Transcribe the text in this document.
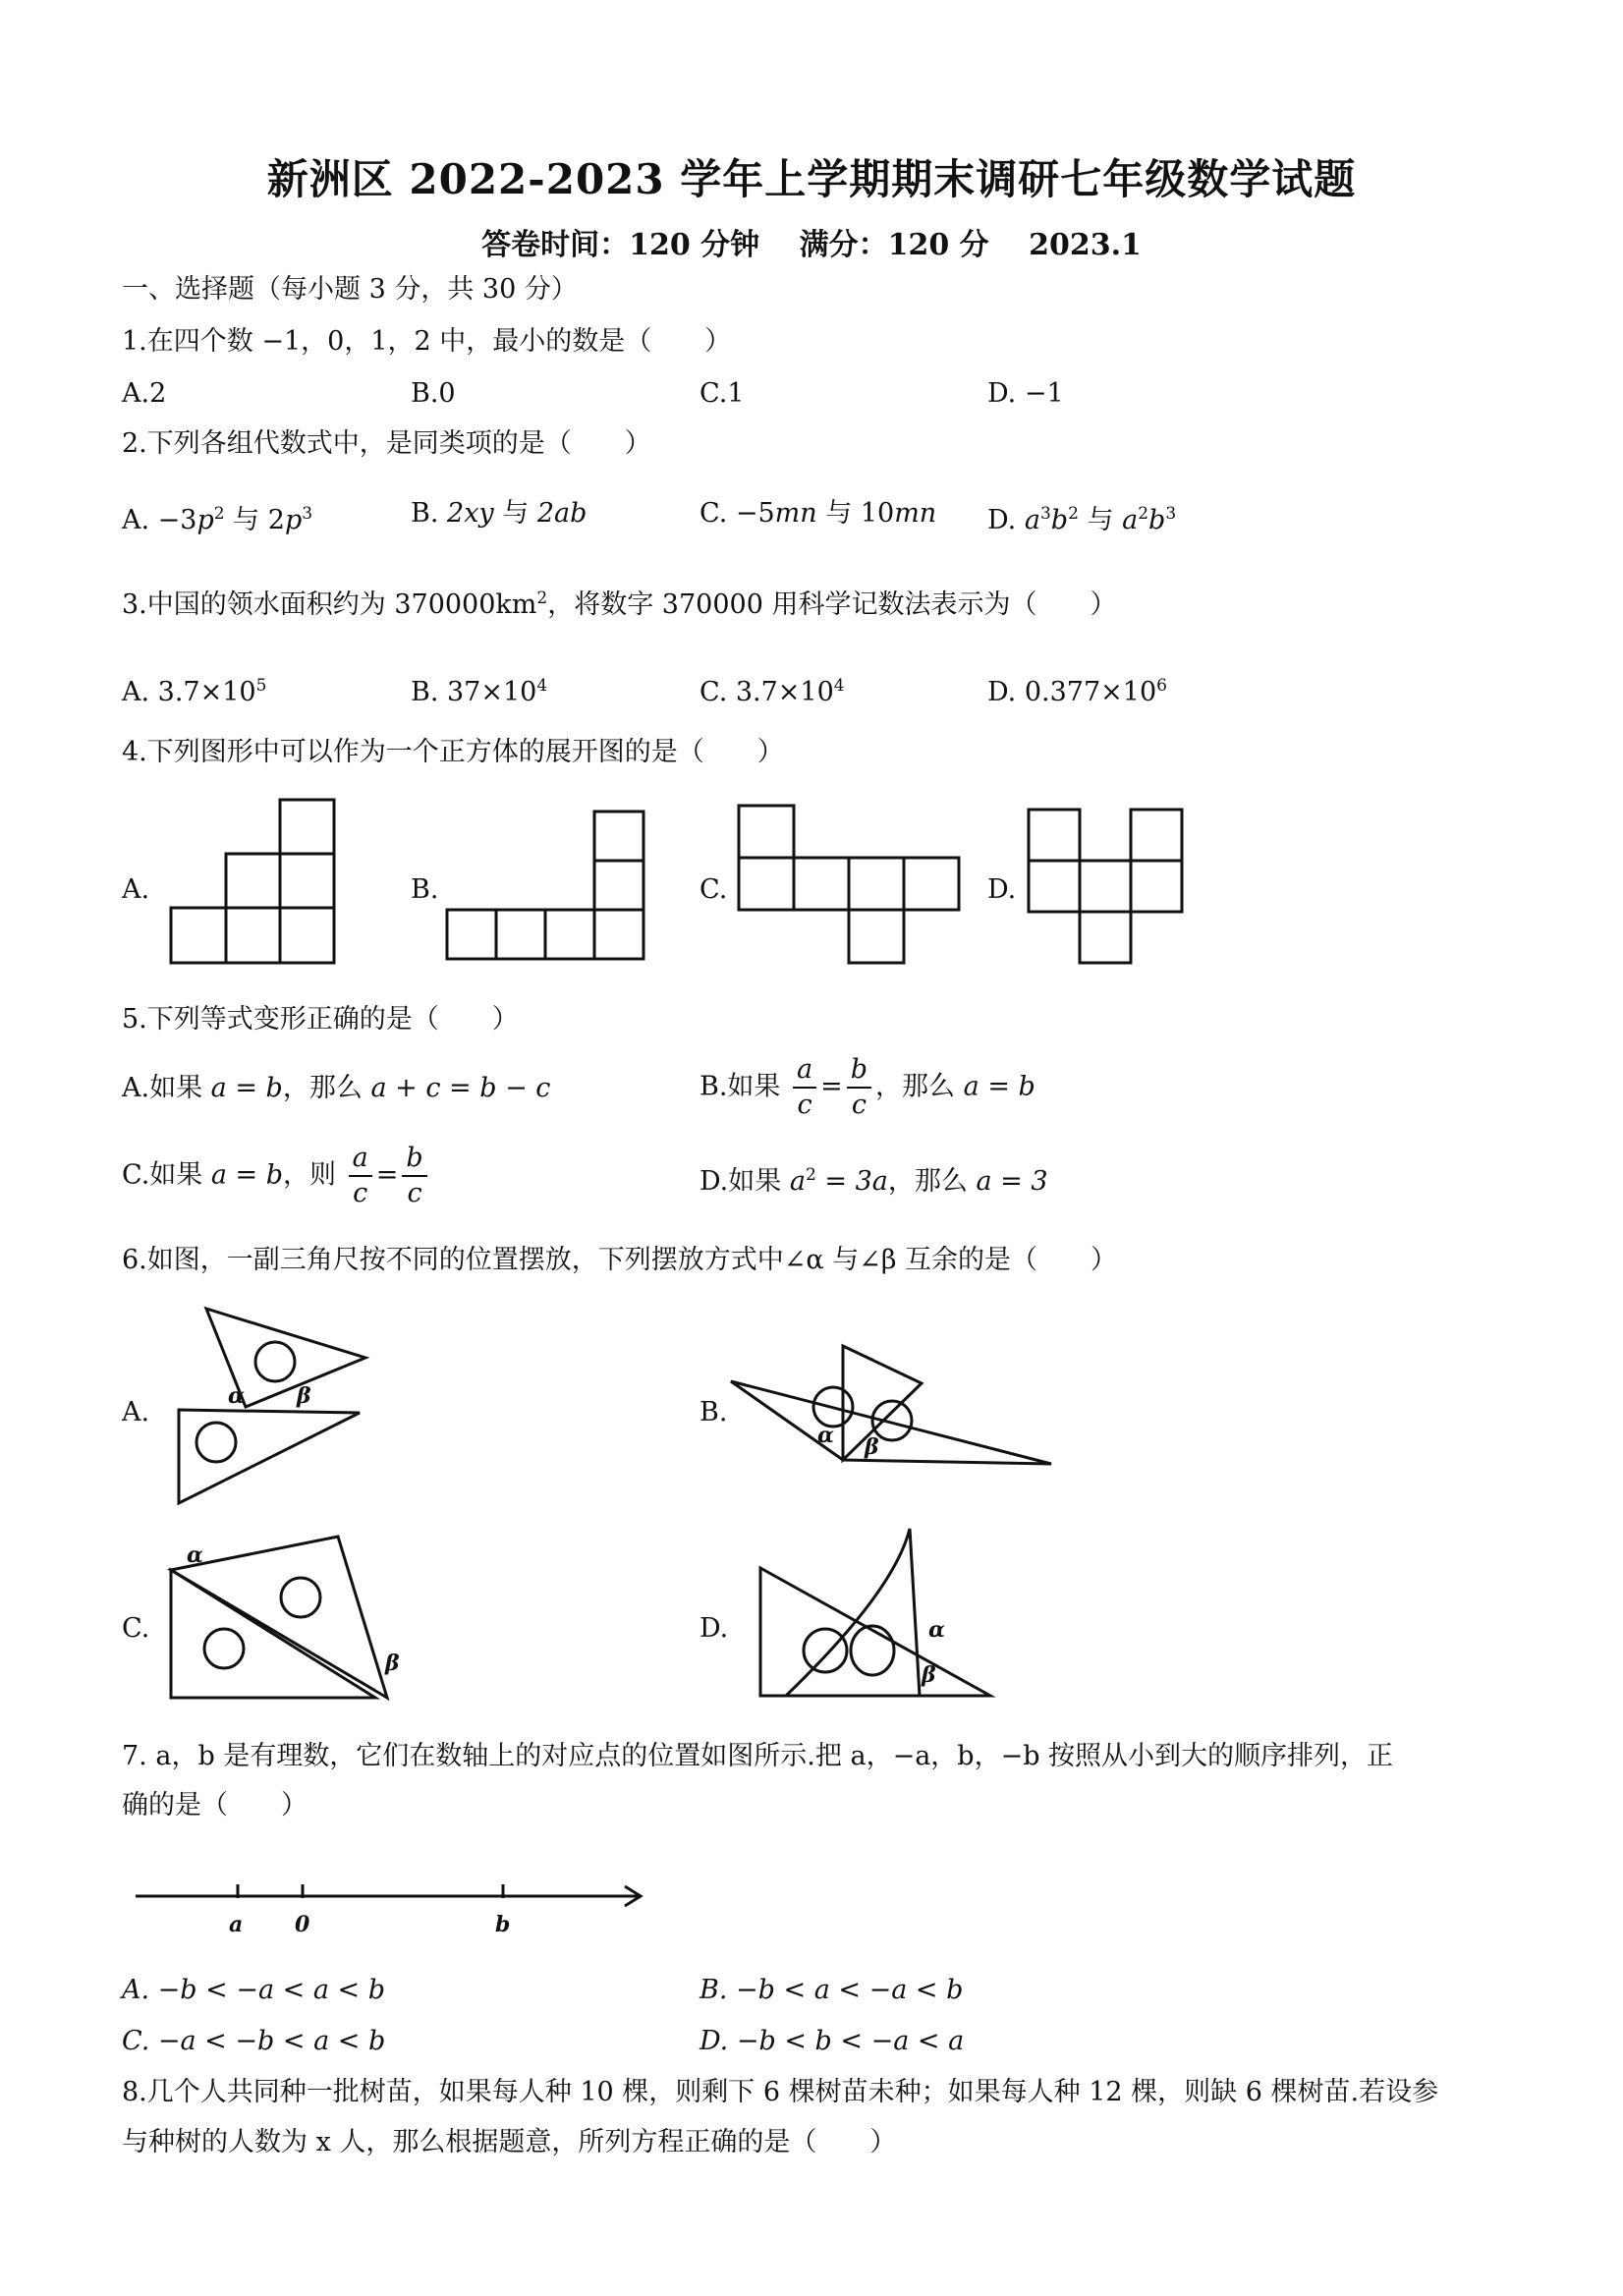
新洲区 2022-2023 学年上学期期末调研七年级数学试题
答卷时间：120 分钟　 满分：120 分　 2023.1
一、选择题（每小题 3 分，共 30 分）
1.在四个数 −1，0，1，2 中，最小的数是（　　）
A.2	B.0	C.1	D. −1
2.下列各组代数式中，是同类项的是（　　）
A. $-3p^2$ 与 $2p^3$	B. 2xy 与 2ab	C. −5mn 与 10mn D. $a^3b^2$ 与 $a^2b^3$
3.中国的领水面积约为 $370000km^2$，将数字 370000 用科学记数法表示为（　　）
A. $3.7\times 10^5$	B. $37\times 10^4$	C. $3.7\times 10^4$	D. $0.377\times 10^6$
4.下列图形中可以作为一个正方体的展开图的是（　　）
A.	B.	C.	D.
5.下列等式变形正确的是（　　）
A.如果 a = b，那么 a + c = b − c	B.如果 $\frac{a}{c} = \frac{b}{c}$ ，那么 a = b
C.如果 a = b，则 $\frac{a}{c} = \frac{b}{c}$	D.如果 $a^2 = 3a$，那么 a = 3
6.如图，一副三角尺按不同的位置摆放，下列摆放方式中∠α 与∠β 互余的是（　　）
A.	B.
C.	D.
α β
α β
α
β
α
β
7. a，b 是有理数，它们在数轴上的对应点的位置如图所示.把 a，−a，b，−b 按照从小到大的顺序排列，正
确的是（　　）
a 0	b
A. −b < −a < a < b	B. −b < a < −a < b
C. −a < −b < a < b	D. −b < b < −a < a
8.几个人共同种一批树苗，如果每人种 10 棵，则剩下 6 棵树苗未种；如果每人种 12 棵，则缺 6 棵树苗.若设参
与种树的人数为 x 人，那么根据题意，所列方程正确的是（　　）
